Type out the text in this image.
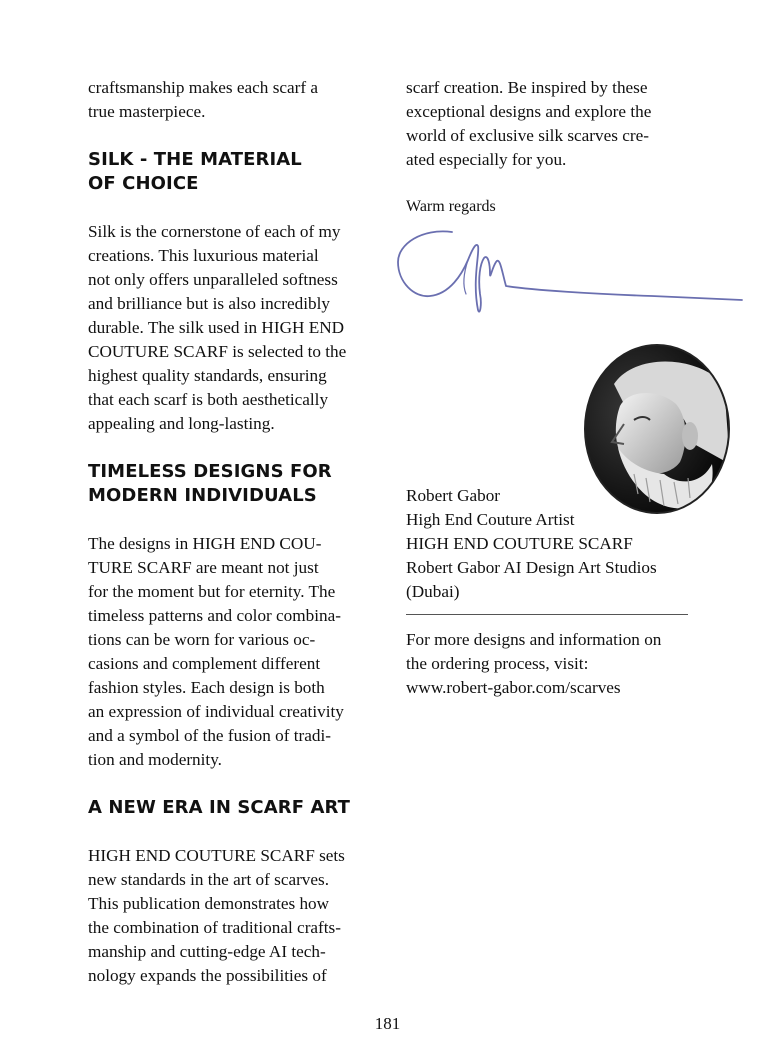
craftsmanship makes each scarf a
true masterpiece.
SILK - THE MATERIAL
OF CHOICE
Silk is the cornerstone of each of my
creations. This luxurious material
not only offers unparalleled softness
and brilliance but is also incredibly
durable. The silk used in HIGH END
COUTURE SCARF is selected to the
highest quality standards, ensuring
that each scarf is both aesthetically
appealing and long-lasting.
TIMELESS DESIGNS FOR
MODERN INDIVIDUALS
The designs in HIGH END COU-
TURE SCARF are meant not just
for the moment but for eternity. The
timeless patterns and color combina-
tions can be worn for various oc-
casions and complement different
fashion styles. Each design is both
an expression of individual creativity
and a symbol of the fusion of tradi-
tion and modernity.
A NEW ERA IN SCARF ART
HIGH END COUTURE SCARF sets
new standards in the art of scarves.
This publication demonstrates how
the combination of traditional crafts-
manship and cutting-edge AI tech-
nology expands the possibilities of
scarf creation. Be inspired by these
exceptional designs and explore the
world of exclusive silk scarves cre-
ated especially for you.
Warm regards
Robert Gabor
High End Couture Artist
HIGH END COUTURE SCARF
Robert Gabor AI Design Art Studios
(Dubai)
For more designs and information on
the ordering process, visit:
www.robert-gabor.com/scarves
181
